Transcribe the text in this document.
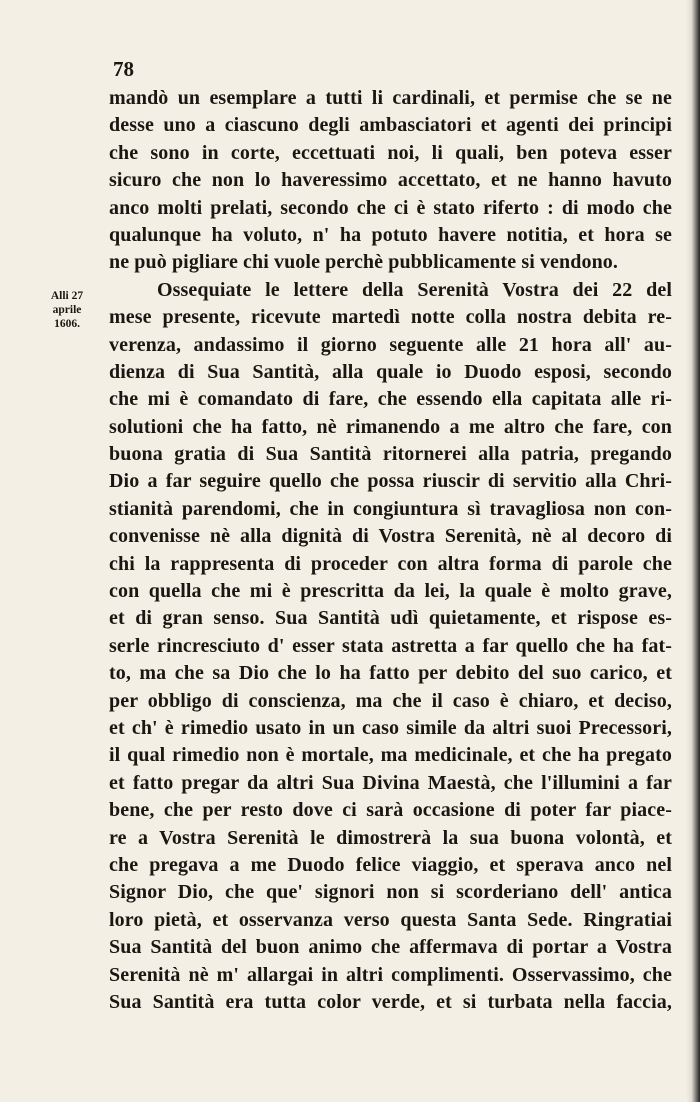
78
Alli 27
aprile
1606.
mandò un esemplare a tutti li cardinali, et permise che se ne
desse uno a ciascuno degli ambasciatori et agenti dei principi
che sono in corte, eccettuati noi, li quali, ben poteva esser
sicuro che non lo haveressimo accettato, et ne hanno havuto
anco molti prelati, secondo che ci è stato riferto : di modo che
qualunque ha voluto, n' ha potuto havere notitia, et hora se
ne può pigliare chi vuole perchè pubblicamente si vendono.
Ossequiate le lettere della Serenità Vostra dei 22 del
mese presente, ricevute martedì notte colla nostra debita re-
verenza, andassimo il giorno seguente alle 21 hora all' au-
dienza di Sua Santità, alla quale io Duodo esposi, secondo
che mi è comandato di fare, che essendo ella capitata alle ri-
solutioni che ha fatto, nè rimanendo a me altro che fare, con
buona gratia di Sua Santità ritornerei alla patria, pregando
Dio a far seguire quello che possa riuscir di servitio alla Chri-
stianità parendomi, che in congiuntura sì travagliosa non con-
convenisse nè alla dignità di Vostra Serenità, nè al decoro di
chi la rappresenta di proceder con altra forma di parole che
con quella che mi è prescritta da lei, la quale è molto grave,
et di gran senso. Sua Santità udì quietamente, et rispose es-
serle rincresciuto d' esser stata astretta a far quello che ha fat-
to, ma che sa Dio che lo ha fatto per debito del suo carico, et
per obbligo di conscienza, ma che il caso è chiaro, et deciso,
et ch' è rimedio usato in un caso simile da altri suoi Precessori,
il qual rimedio non è mortale, ma medicinale, et che ha pregato
et fatto pregar da altri Sua Divina Maestà, che l'illumini a far
bene, che per resto dove ci sarà occasione di poter far piace-
re a Vostra Serenità le dimostrerà la sua buona volontà, et
che pregava a me Duodo felice viaggio, et sperava anco nel
Signor Dio, che que' signori non si scorderiano dell' antica
loro pietà, et osservanza verso questa Santa Sede. Ringratiai
Sua Santità del buon animo che affermava di portar a Vostra
Serenità nè m' allargai in altri complimenti. Osservassimo, che
Sua Santità era tutta color verde, et si turbata nella faccia,
